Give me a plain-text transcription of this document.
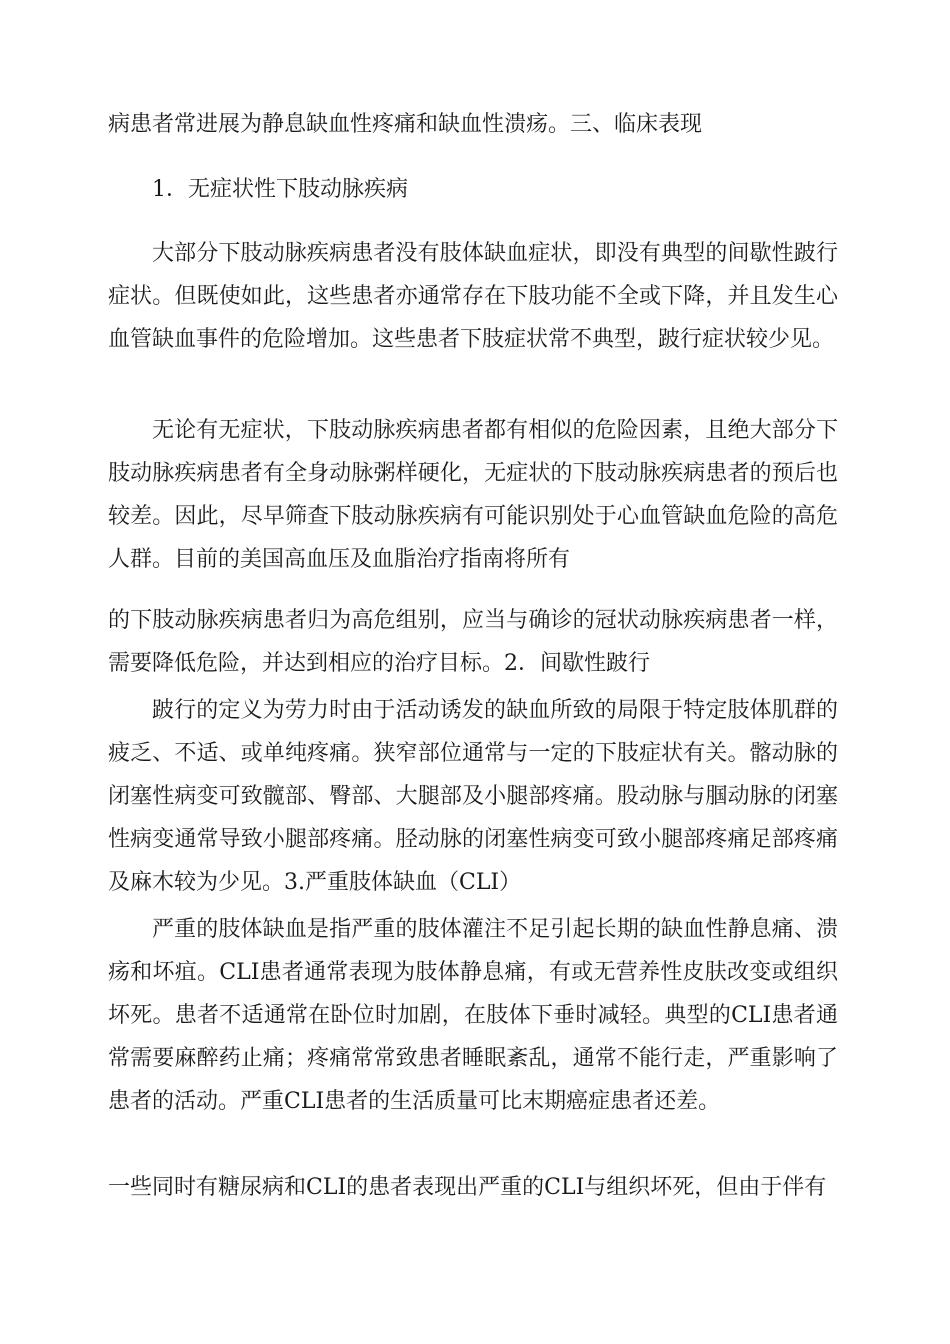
病患者常进展为静息缺血性疼痛和缺血性溃疡。三、临床表现

1．无症状性下肢动脉疾病

大部分下肢动脉疾病患者没有肢体缺血症状，即没有典型的间歇性跛行症状。但既使如此，这些患者亦通常存在下肢功能不全或下降，并且发生心血管缺血事件的危险增加。这些患者下肢症状常不典型，跛行症状较少见。

无论有无症状，下肢动脉疾病患者都有相似的危险因素，且绝大部分下肢动脉疾病患者有全身动脉粥样硬化，无症状的下肢动脉疾病患者的预后也较差。因此，尽早筛查下肢动脉疾病有可能识别处于心血管缺血危险的高危人群。目前的美国高血压及血脂治疗指南将所有

的下肢动脉疾病患者归为高危组别，应当与确诊的冠状动脉疾病患者一样，需要降低危险，并达到相应的治疗目标。2．间歇性跛行

跛行的定义为劳力时由于活动诱发的缺血所致的局限于特定肢体肌群的疲乏、不适、或单纯疼痛。狭窄部位通常与一定的下肢症状有关。髂动脉的闭塞性病变可致髋部、臀部、大腿部及小腿部疼痛。股动脉与腘动脉的闭塞性病变通常导致小腿部疼痛。胫动脉的闭塞性病变可致小腿部疼痛足部疼痛及麻木较为少见。3.严重肢体缺血（CLI）

严重的肢体缺血是指严重的肢体灌注不足引起长期的缺血性静息痛、溃疡和坏疽。CLI患者通常表现为肢体静息痛，有或无营养性皮肤改变或组织坏死。患者不适通常在卧位时加剧，在肢体下垂时减轻。典型的CLI患者通常需要麻醉药止痛；疼痛常常致患者睡眠紊乱，通常不能行走，严重影响了患者的活动。严重CLI患者的生活质量可比末期癌症患者还差。

一些同时有糖尿病和CLI的患者表现出严重的CLI与组织坏死，但由于伴有
